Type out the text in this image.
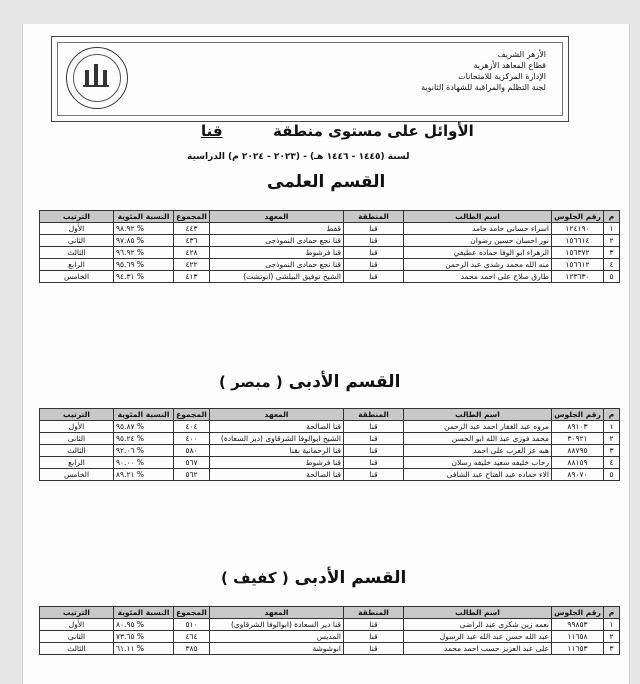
الأزهر الشريف
قطاع المعاهد الأزهرية
الإدارة المركزية للامتحانات
لجنة التظلم والمراقبة للشهادة الثانوية
الأوائل على مستوى منطقة  قنا
لسنة (١٤٤٥ - ١٤٤٦ هـ) - (٢٠٢٣ - ٢٠٢٤ م) الدراسية
القسم العلمى
م	رقم الجلوس	اسم الطالب	المنطقة	المعهد	المجموع	النسبة المئوية	الترتيب
١	١٢٤١٩٠	اسراء حسانى حامد حامد	قنا	قفط	٤٤٣	% ٩٨.٩٢	الأول
٢	١٥٦٦١٤	نور احسان حسين رضوان	قنا	قنا نجع حمادى النموذجى	٤٣٦	% ٩٧.٨٥	الثانى
٣	١٥٦٣٧٢	الزهراء ابو الوفا حماده عطيفي	قنا	قنا فرشوط	٤٢٨	% ٩٦.٩٢	الثالث
٤	١٥٦٦١٢	منه الله محمد رشدى عبد الرحمن	قنا	قنا نجع حمادى النموذجى	٤٢٢	% ٩٥.٦٩	الرابع
٥	١٢٣٦٣٠	طارق صلاح على احمد محمد	قنا	الشيخ توفيق البيلشى (ابوتشت)	٤١٣	% ٩٤.٣١	الخامس
القسم الأدبى ( مبصر )
م	رقم الجلوس	اسم الطالب	المنطقة	المعهد	المجموع	النسبة المئوية	الترتيب
١	٨٩١٠٣	مروه عبد الغفار احمد عبد الرحمن	قنا	قنا الصالحة	٤٠٤	% ٩٥.٨٧	الأول
٢	٣٠٩٢١	محمد فوزى عبد الله ابو الحسن	قنا	الشيخ ابوالوفا الشرقاوى (دير السعادة)	٤٠٠	% ٩٥.٢٤	الثانى
٣	٨٨٧٩٥	هبه عز العرب على احمد	قنا	قنا الرحمانية بقنا	٥٨٠	% ٩٢.٠٦	الثالث
٤	٨٨١٥٩	رحاب خليفه سعيد خليفه رسلان	قنا	قنا فرشوط	٥٦٧	% ٩٠.٠٠	الرابع
٥	٨٩٠٧٠	الاء حماده عبد الفتاح عبد الشافى	قنا	قنا الصالحة	٥٦٢	% ٨٩.٢١	الخامس
القسم الأدبى ( كفيف )
م	رقم الجلوس	اسم الطالب	المنطقة	المعهد	المجموع	النسبة المئوية	الترتيب
١	٩٩٨٥٣	نعمه زين شكرى عبد الراضى	قنا	قنا دير السعادة (ابوالوفا الشرقاوى)	٥١٠	% ٨٠.٩٥	الأول
٢	١١٦٥٨	عبد الله حسن عبد الله عبد الرسول	قنا	المديس	٤٦٤	% ٧٣.٦٥	الثانى
٣	١١٦٥٣	على عبد العزيز حسب احمد محمد	قنا	ابوشوشة	٣٨٥	% ٦١.١١	الثالث
